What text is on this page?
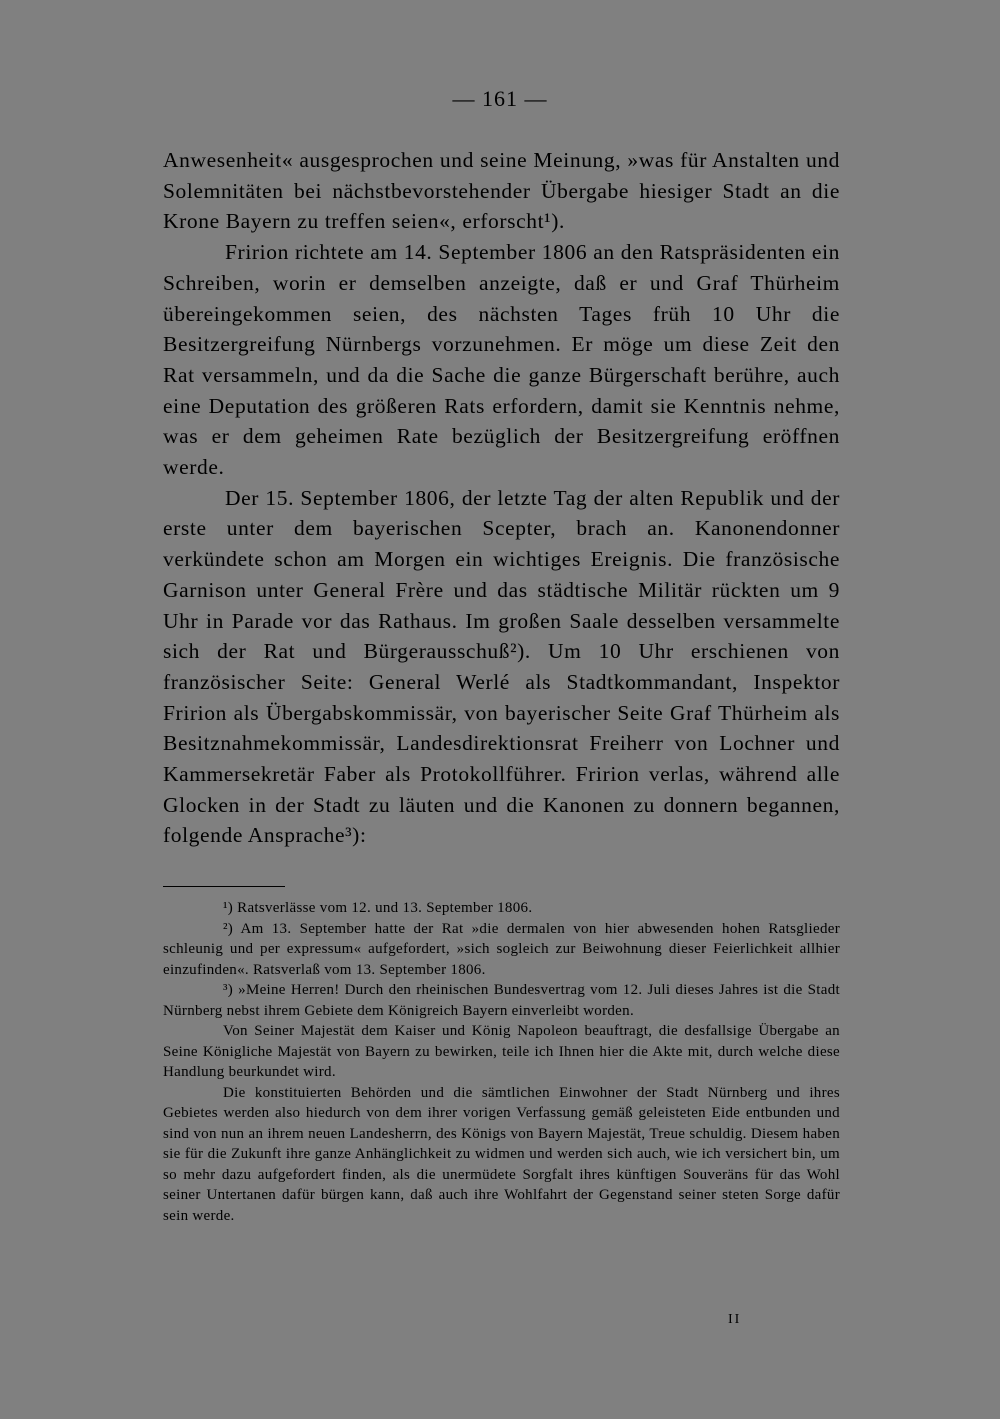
— 161 —

Anwesenheit« ausgesprochen und seine Meinung, »was für Anstalten und Solemnitäten bei nächstbevorstehender Übergabe hiesiger Stadt an die Krone Bayern zu treffen seien«, erforscht¹).

Fririon richtete am 14. September 1806 an den Ratspräsidenten ein Schreiben, worin er demselben anzeigte, daß er und Graf Thürheim übereingekommen seien, des nächsten Tages früh 10 Uhr die Besitzergreifung Nürnbergs vorzunehmen. Er möge um diese Zeit den Rat versammeln, und da die Sache die ganze Bürgerschaft berühre, auch eine Deputation des größeren Rats erfordern, damit sie Kenntnis nehme, was er dem geheimen Rate bezüglich der Besitzergreifung eröffnen werde.

Der 15. September 1806, der letzte Tag der alten Republik und der erste unter dem bayerischen Scepter, brach an. Kanonendonner verkündete schon am Morgen ein wichtiges Ereignis. Die französische Garnison unter General Frère und das städtische Militär rückten um 9 Uhr in Parade vor das Rathaus. Im großen Saale desselben versammelte sich der Rat und Bürgerausschuß²). Um 10 Uhr erschienen von französischer Seite: General Werlé als Stadtkommandant, Inspektor Fririon als Übergabskommissär, von bayerischer Seite Graf Thürheim als Besitznahmekommissär, Landesdirektionsrat Freiherr von Lochner und Kammersekretär Faber als Protokollführer. Fririon verlas, während alle Glocken in der Stadt zu läuten und die Kanonen zu donnern begannen, folgende Ansprache³):

¹) Ratsverlässe vom 12. und 13. September 1806.

²) Am 13. September hatte der Rat »die dermalen von hier abwesenden hohen Ratsglieder schleunig und per expressum« aufgefordert, »sich sogleich zur Beiwohnung dieser Feierlichkeit allhier einzufinden«. Ratsverlaß vom 13. September 1806.

³) »Meine Herren! Durch den rheinischen Bundesvertrag vom 12. Juli dieses Jahres ist die Stadt Nürnberg nebst ihrem Gebiete dem Königreich Bayern einverleibt worden.

Von Seiner Majestät dem Kaiser und König Napoleon beauftragt, die desfallsige Übergabe an Seine Königliche Majestät von Bayern zu bewirken, teile ich Ihnen hier die Akte mit, durch welche diese Handlung beurkundet wird.

Die konstituierten Behörden und die sämtlichen Einwohner der Stadt Nürnberg und ihres Gebietes werden also hiedurch von dem ihrer vorigen Verfassung gemäß geleisteten Eide entbunden und sind von nun an ihrem neuen Landesherrn, des Königs von Bayern Majestät, Treue schuldig. Diesem haben sie für die Zukunft ihre ganze Anhänglichkeit zu widmen und werden sich auch, wie ich versichert bin, um so mehr dazu aufgefordert finden, als die unermüdete Sorgfalt ihres künftigen Souveräns für das Wohl seiner Untertanen dafür bürgen kann, daß auch ihre Wohlfahrt der Gegenstand seiner steten Sorge dafür sein werde.

II
